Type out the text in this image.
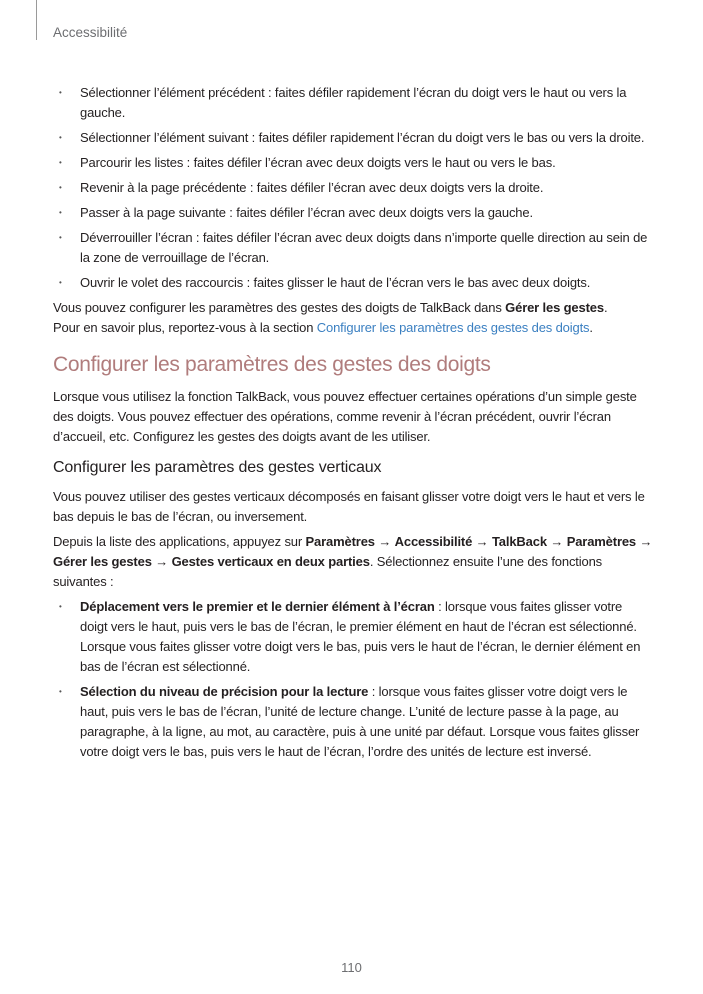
Accessibilité
• Sélectionner l’élément précédent : faites défiler rapidement l’écran du doigt vers le haut ou vers la gauche.
• Sélectionner l’élément suivant : faites défiler rapidement l’écran du doigt vers le bas ou vers la droite.
• Parcourir les listes : faites défiler l’écran avec deux doigts vers le haut ou vers le bas.
• Revenir à la page précédente : faites défiler l’écran avec deux doigts vers la droite.
• Passer à la page suivante : faites défiler l’écran avec deux doigts vers la gauche.
• Déverrouiller l’écran : faites défiler l’écran avec deux doigts dans n’importe quelle direction au sein de la zone de verrouillage de l’écran.
• Ouvrir le volet des raccourcis : faites glisser le haut de l’écran vers le bas avec deux doigts.

Vous pouvez configurer les paramètres des gestes des doigts de TalkBack dans Gérer les gestes.
Pour en savoir plus, reportez-vous à la section Configurer les paramètres des gestes des doigts.

Configurer les paramètres des gestes des doigts

Lorsque vous utilisez la fonction TalkBack, vous pouvez effectuer certaines opérations d’un simple geste des doigts. Vous pouvez effectuer des opérations, comme revenir à l’écran précédent, ouvrir l’écran d’accueil, etc. Configurez les gestes des doigts avant de les utiliser.

Configurer les paramètres des gestes verticaux

Vous pouvez utiliser des gestes verticaux décomposés en faisant glisser votre doigt vers le haut et vers le bas depuis le bas de l’écran, ou inversement.

Depuis la liste des applications, appuyez sur Paramètres → Accessibilité → TalkBack → Paramètres → Gérer les gestes → Gestes verticaux en deux parties. Sélectionnez ensuite l’une des fonctions suivantes :

• Déplacement vers le premier et le dernier élément à l’écran : lorsque vous faites glisser votre doigt vers le haut, puis vers le bas de l’écran, le premier élément en haut de l’écran est sélectionné. Lorsque vous faites glisser votre doigt vers le bas, puis vers le haut de l’écran, le dernier élément en bas de l’écran est sélectionné.
• Sélection du niveau de précision pour la lecture : lorsque vous faites glisser votre doigt vers le haut, puis vers le bas de l’écran, l’unité de lecture change. L’unité de lecture passe à la page, au paragraphe, à la ligne, au mot, au caractère, puis à une unité par défaut. Lorsque vous faites glisser votre doigt vers le bas, puis vers le haut de l’écran, l’ordre des unités de lecture est inversé.
110
